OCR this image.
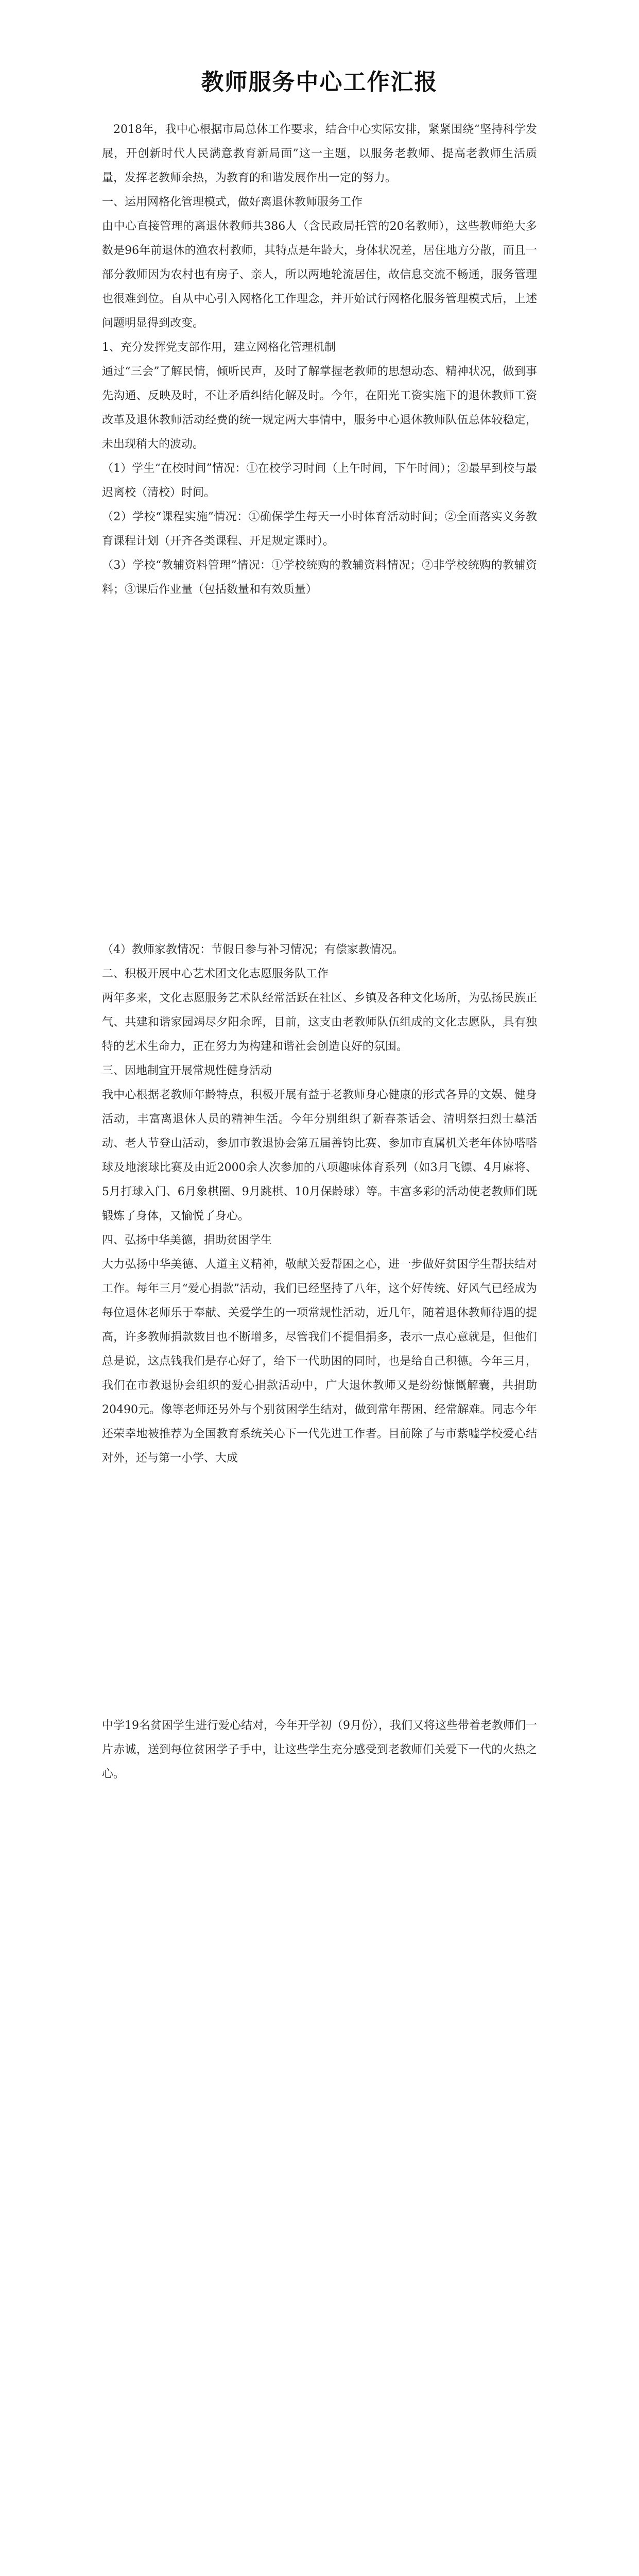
教师服务中心工作汇报

2018年，我中心根据市局总体工作要求，结合中心实际安排，紧紧围绕“坚持科学发展，开创新时代人民满意教育新局面”这一主题，以服务老教师、提高老教师生活质量，发挥老教师余热，为教育的和谐发展作出一定的努力。

一、运用网格化管理模式，做好离退休教师服务工作

由中心直接管理的离退休教师共386人（含民政局托管的20名教师），这些教师绝大多数是96年前退休的渔农村教师，其特点是年龄大，身体状况差，居住地方分散，而且一部分教师因为农村也有房子、亲人，所以两地轮流居住，故信息交流不畅通，服务管理也很难到位。自从中心引入网格化工作理念，并开始试行网格化服务管理模式后，上述问题明显得到改变。

1、充分发挥党支部作用，建立网格化管理机制

通过“三会”了解民情，倾听民声，及时了解掌握老教师的思想动态、精神状况，做到事先沟通、反映及时，不让矛盾纠结化解及时。今年，在阳光工资实施下的退休教师工资改革及退休教师活动经费的统一规定两大事情中，服务中心退休教师队伍总体较稳定，未出现稍大的波动。

（1）学生“在校时间”情况：①在校学习时间（上午时间，下午时间）；②最早到校与最迟离校（清校）时间。

（2）学校“课程实施”情况：①确保学生每天一小时体育活动时间；②全面落实义务教育课程计划（开齐各类课程、开足规定课时）。

（3）学校“教辅资料管理”情况：①学校统购的教辅资料情况；②非学校统购的教辅资料；③课后作业量（包括数量和有效质量）

（4）教师家教情况：节假日参与补习情况；有偿家教情况。

二、积极开展中心艺术团文化志愿服务队工作

两年多来，文化志愿服务艺术队经常活跃在社区、乡镇及各种文化场所，为弘扬民族正气、共建和谐家园竭尽夕阳余晖，目前，这支由老教师队伍组成的文化志愿队，具有独特的艺术生命力，正在努力为构建和谐社会创造良好的氛围。

三、因地制宜开展常规性健身活动

我中心根据老教师年龄特点，积极开展有益于老教师身心健康的形式各异的文娱、健身活动，丰富离退休人员的精神生活。今年分别组织了新春茶话会、清明祭扫烈士墓活动、老人节登山活动，参加市教退协会第五届善钧比赛、参加市直属机关老年体协嗒嗒球及地滚球比赛及由近2000余人次参加的八项趣味体育系列（如3月飞镖、4月麻将、5月打球入门、6月象棋圈、9月跳棋、10月保龄球）等。丰富多彩的活动使老教师们既锻炼了身体，又愉悦了身心。

四、弘扬中华美德，捐助贫困学生

大力弘扬中华美德、人道主义精神，敬献关爱帮困之心，进一步做好贫困学生帮扶结对工作。每年三月“爱心捐款”活动，我们已经坚持了八年，这个好传统、好风气已经成为每位退休老师乐于奉献、关爱学生的一项常规性活动，近几年，随着退休教师待遇的提高，许多教师捐款数目也不断增多，尽管我们不提倡捐多，表示一点心意就是，但他们总是说，这点钱我们是存心好了，给下一代助困的同时，也是给自己积德。今年三月，我们在市教退协会组织的爱心捐款活动中，广大退休教师又是纷纷慷慨解囊，共捐助20490元。像等老师还另外与个别贫困学生结对，做到常年帮困，经常解难。同志今年还荣幸地被推荐为全国教育系统关心下一代先进工作者。目前除了与市紫嘘学校爱心结对外，还与第一小学、大成

中学19名贫困学生进行爱心结对，今年开学初（9月份），我们又将这些带着老教师们一片赤诚，送到每位贫困学子手中，让这些学生充分感受到老教师们关爱下一代的火热之心。
